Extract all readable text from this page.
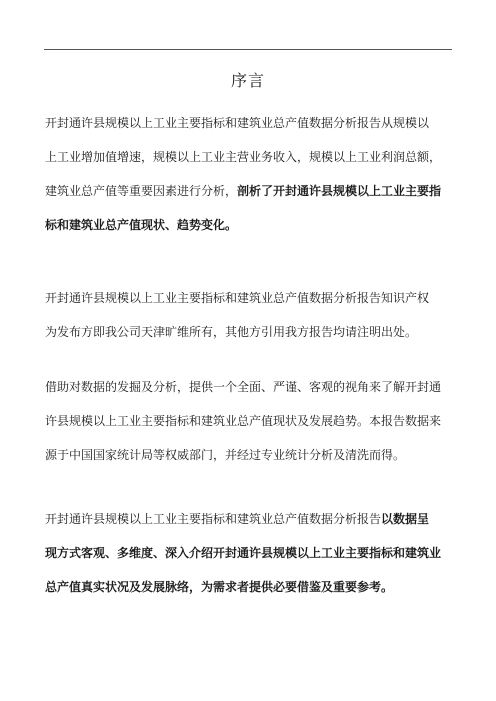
序言
开封通许县规模以上工业主要指标和建筑业总产值数据分析报告从规模以
上工业增加值增速，规模以上工业主营业务收入，规模以上工业利润总额，
建筑业总产值等重要因素进行分析，剖析了开封通许县规模以上工业主要指
标和建筑业总产值现状、趋势变化。
开封通许县规模以上工业主要指标和建筑业总产值数据分析报告知识产权
为发布方即我公司天津旷维所有，其他方引用我方报告均请注明出处。
借助对数据的发掘及分析，提供一个全面、严谨、客观的视角来了解开封通
许县规模以上工业主要指标和建筑业总产值现状及发展趋势。本报告数据来
源于中国国家统计局等权威部门，并经过专业统计分析及清洗而得。
开封通许县规模以上工业主要指标和建筑业总产值数据分析报告以数据呈
现方式客观、多维度、深入介绍开封通许县规模以上工业主要指标和建筑业
总产值真实状况及发展脉络，为需求者提供必要借鉴及重要参考。
